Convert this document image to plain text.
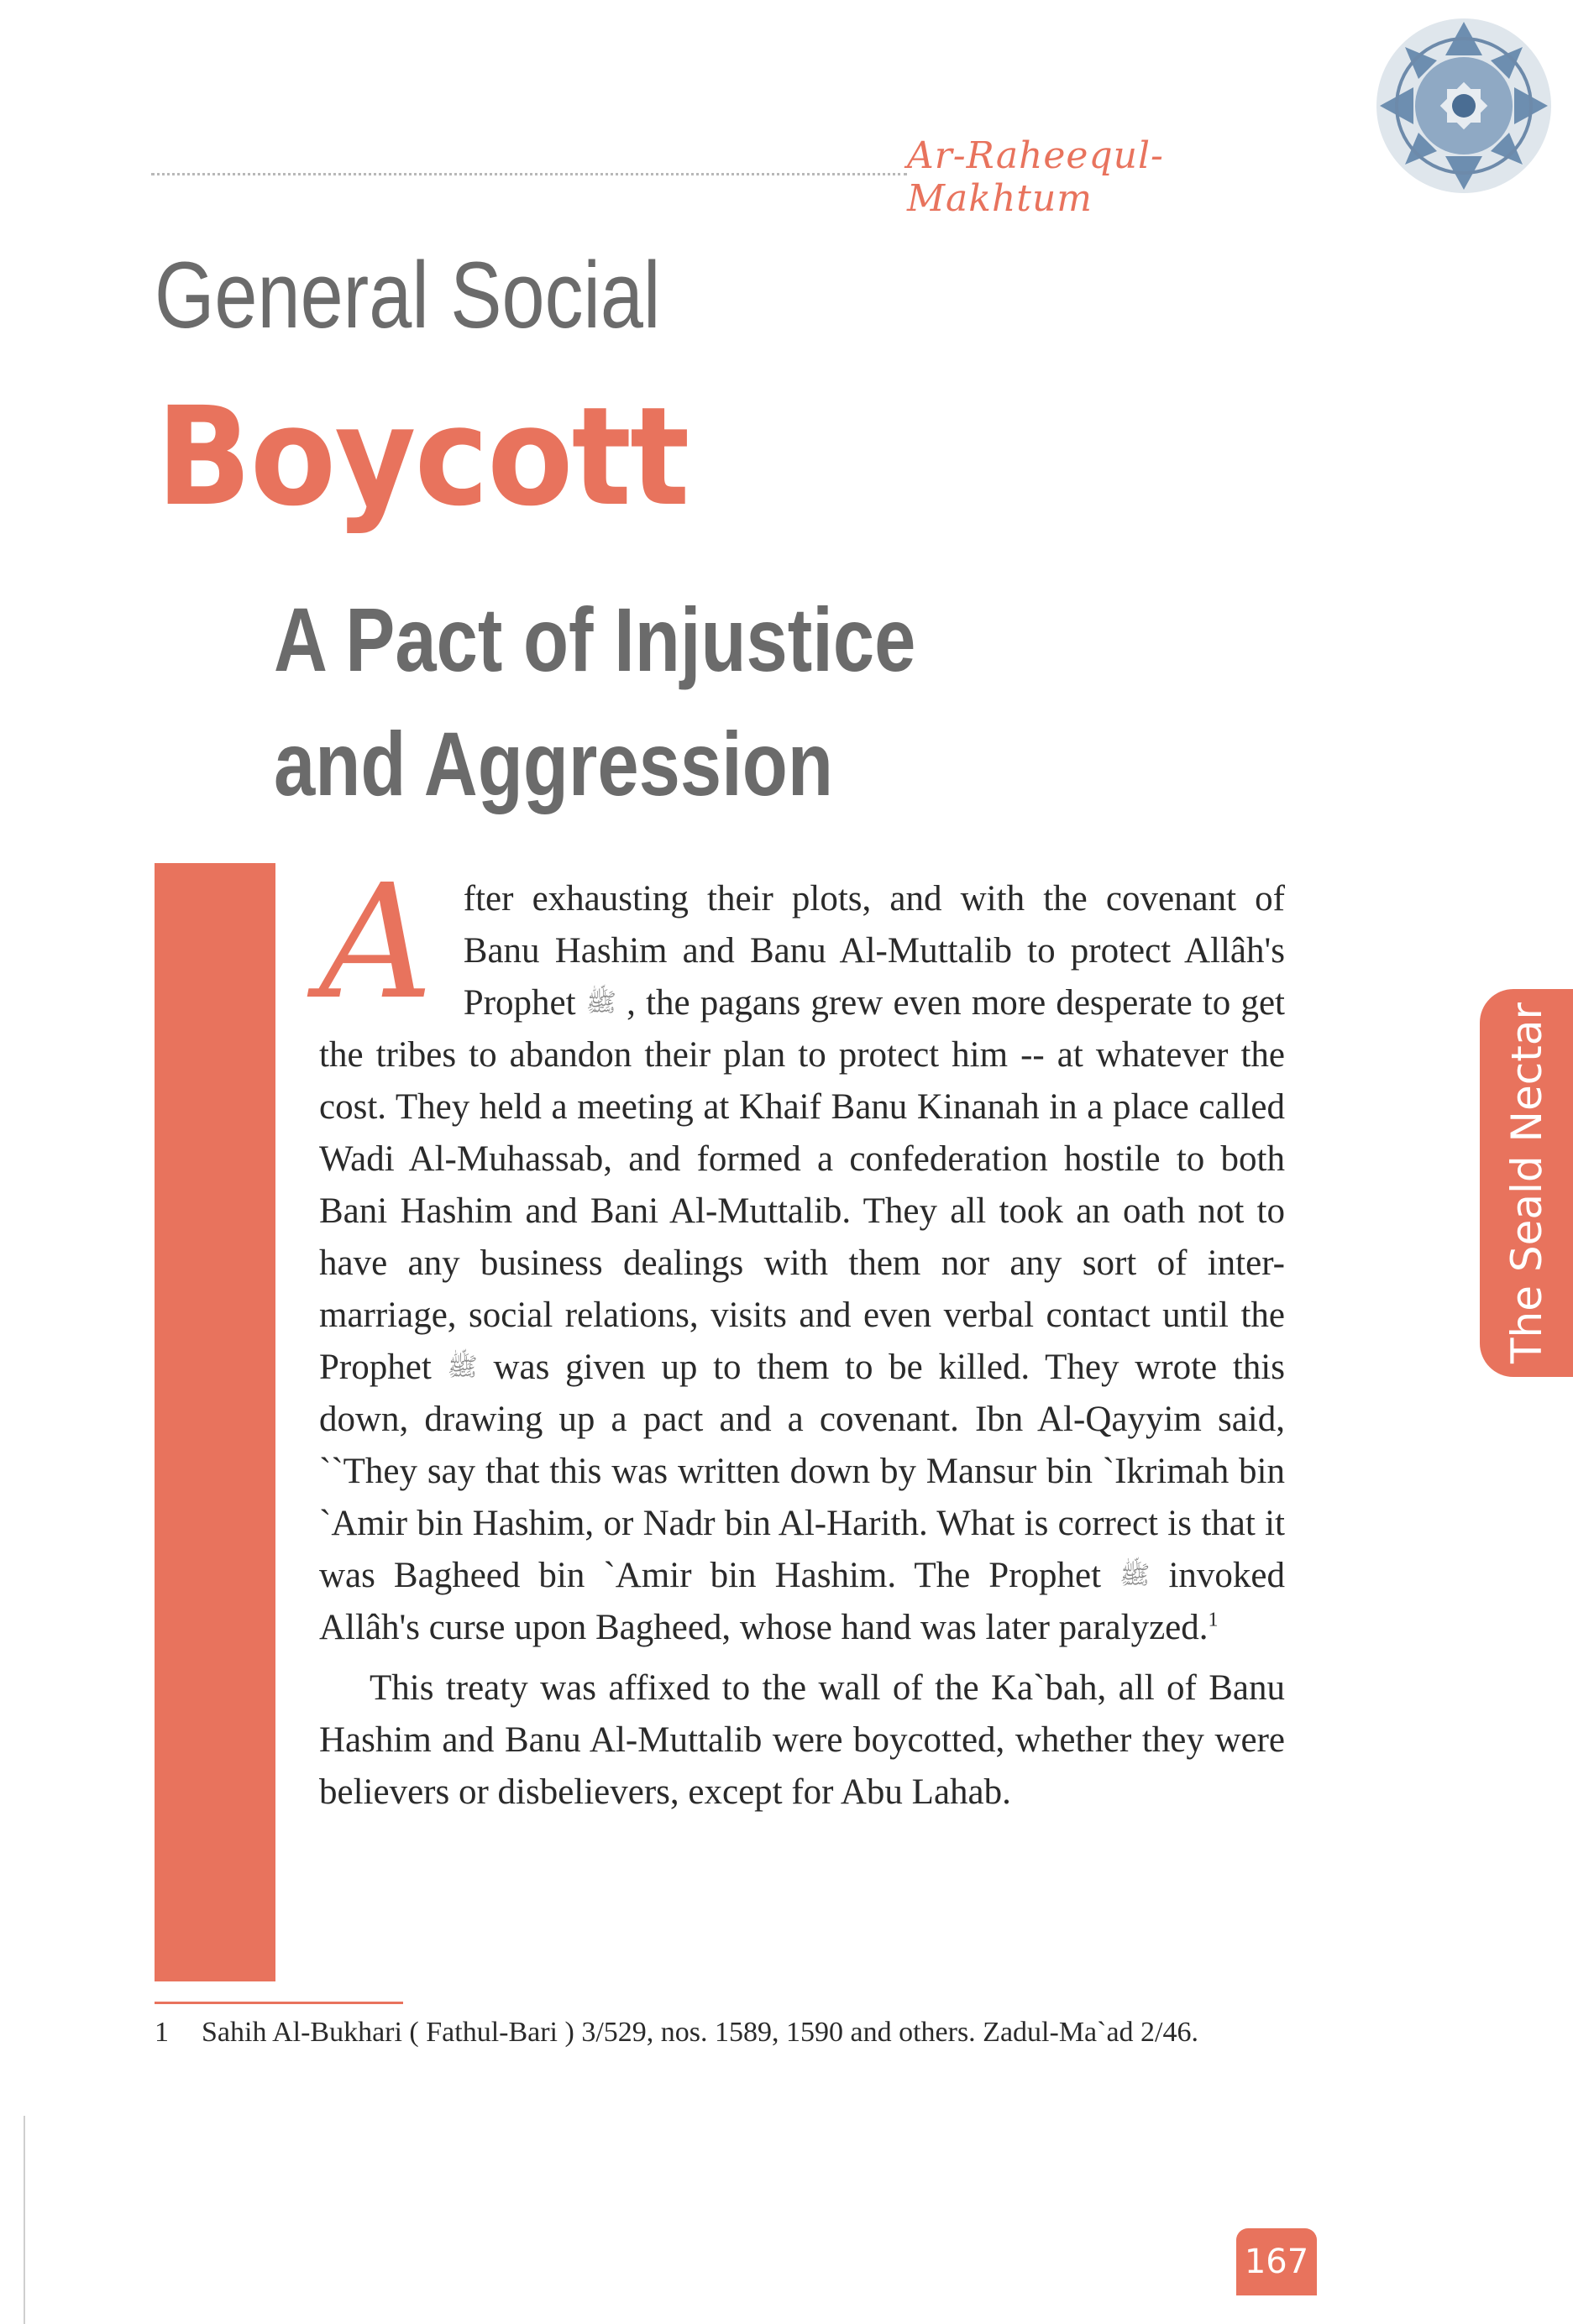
Ar-Raheequl-Makhtum
General Social
Boycott
A Pact of Injustice
and Aggression

A fter exhausting their plots, and with the covenant of Banu Hashim and Banu Al-Muttalib to protect Allâh's Prophet ﷺ , the pagans grew even more desperate to get the tribes to abandon their plan to protect him -- at whatever the cost. They held a meeting at Khaif Banu Kinanah in a place called Wadi Al-Muhassab, and formed a confederation hostile to both Bani Hashim and Bani Al-Muttalib. They all took an oath not to have any business dealings with them nor any sort of inter-marriage, social relations, visits and even verbal contact until the Prophet ﷺ was given up to them to be killed. They wrote this down, drawing up a pact and a covenant. Ibn Al-Qayyim said, ``They say that this was written down by Mansur bin `Ikrimah bin `Amir bin Hashim, or Nadr bin Al-Harith. What is correct is that it was Bagheed bin `Amir bin Hashim. The Prophet ﷺ invoked Allâh's curse upon Bagheed, whose hand was later paralyzed.$^1$

This treaty was affixed to the wall of the Ka`bah, all of Banu Hashim and Banu Al-Muttalib were boycotted, whether they were believers or disbelievers, except for Abu Lahab.

The Seald Nectar
1 Sahih Al-Bukhari ( Fathul-Bari ) 3/529, nos. 1589, 1590 and others. Zadul-Ma`ad 2/46.
167
